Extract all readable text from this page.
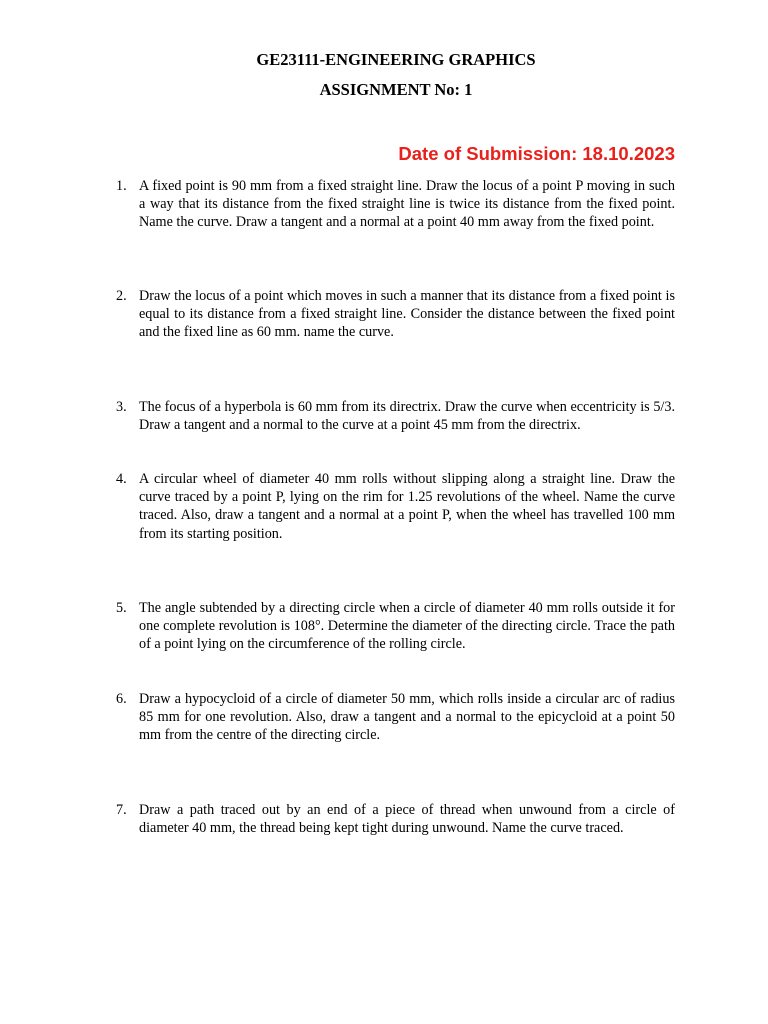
GE23111-ENGINEERING GRAPHICS
ASSIGNMENT No: 1
Date of Submission: 18.10.2023
1. A fixed point is 90 mm from a fixed straight line. Draw the locus of a point P moving in such a way that its distance from the fixed straight line is twice its distance from the fixed point. Name the curve. Draw a tangent and a normal at a point 40 mm away from the fixed point.

2. Draw the locus of a point which moves in such a manner that its distance from a fixed point is equal to its distance from a fixed straight line. Consider the distance between the fixed point and the fixed line as 60 mm. name the curve.

3. The focus of a hyperbola is 60 mm from its directrix. Draw the curve when eccentricity is 5/3. Draw a tangent and a normal to the curve at a point 45 mm from the directrix.

4. A circular wheel of diameter 40 mm rolls without slipping along a straight line. Draw the curve traced by a point P, lying on the rim for 1.25 revolutions of the wheel. Name the curve traced. Also, draw a tangent and a normal at a point P, when the wheel has travelled 100 mm from its starting position.

5. The angle subtended by a directing circle when a circle of diameter 40 mm rolls outside it for one complete revolution is 108°. Determine the diameter of the directing circle. Trace the path of a point lying on the circumference of the rolling circle.

6. Draw a hypocycloid of a circle of diameter 50 mm, which rolls inside a circular arc of radius 85 mm for one revolution. Also, draw a tangent and a normal to the epicycloid at a point 50 mm from the centre of the directing circle.

7. Draw a path traced out by an end of a piece of thread when unwound from a circle of diameter 40 mm, the thread being kept tight during unwound. Name the curve traced.
